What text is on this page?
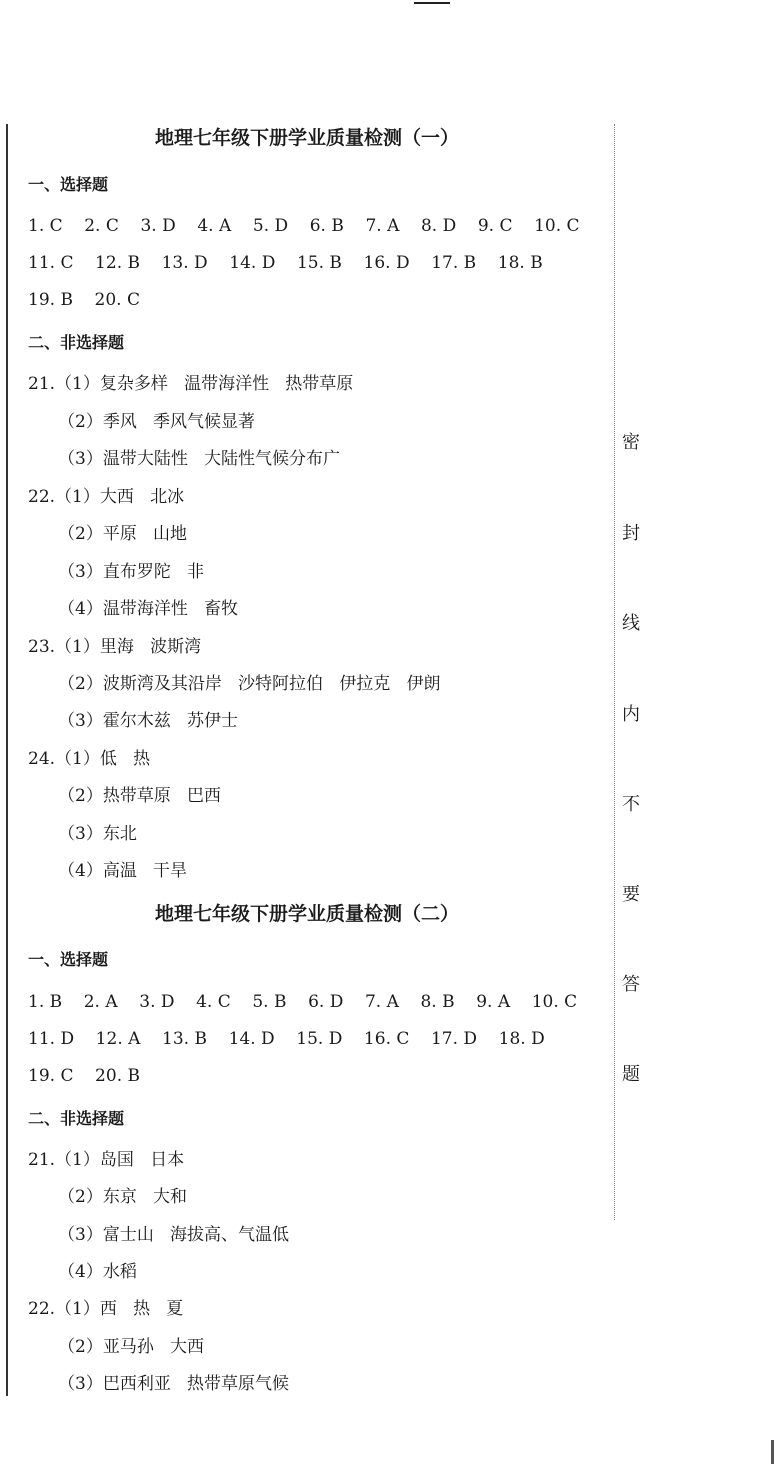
密
封
线
内
不
要
答
题
地理七年级下册学业质量检测（一）
一、选择题
1. C    2. C    3. D    4. A    5. D    6. B    7. A    8. D    9. C    10. C
11. C    12. B    13. D    14. D    15. B    16. D    17. B    18. B
19. B    20. C
二、非选择题
21.（1）复杂多样   温带海洋性   热带草原
（2）季风   季风气候显著
（3）温带大陆性   大陆性气候分布广
22.（1）大西   北冰
（2）平原   山地
（3）直布罗陀   非
（4）温带海洋性   畜牧
23.（1）里海   波斯湾
（2）波斯湾及其沿岸   沙特阿拉伯   伊拉克   伊朗
（3）霍尔木兹   苏伊士
24.（1）低   热
（2）热带草原   巴西
（3）东北
（4）高温   干旱
地理七年级下册学业质量检测（二）
一、选择题
1. B    2. A    3. D    4. C    5. B    6. D    7. A    8. B    9. A    10. C
11. D    12. A    13. B    14. D    15. D    16. C    17. D    18. D
19. C    20. B
二、非选择题
21.（1）岛国   日本
（2）东京   大和
（3）富士山   海拔高、气温低
（4）水稻
22.（1）西   热   夏
（2）亚马孙   大西
（3）巴西利亚   热带草原气候
